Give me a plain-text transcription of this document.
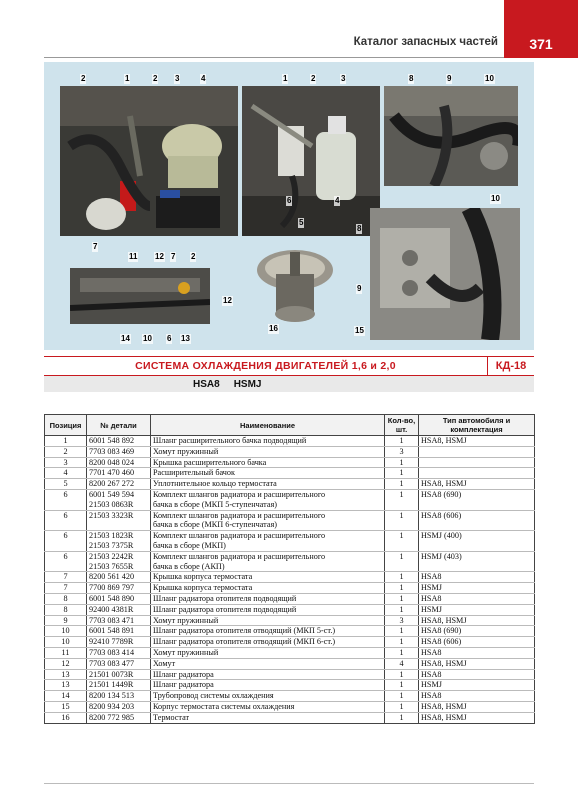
Каталог запасных частей	371
2	1	2 3	4
7
1	2	3
6	4
8	9	10
10
8
9
15
5
16
11 12 7 2
12
14 10 6 13
СИСТЕМА ОХЛАЖДЕНИЯ ДВИГАТЕЛЕЙ 1,6 и 2,0	КД-18
HSA8 HSMJ
Позиция	№ детали	Наименование	Кол-во, шт.	Тип автомобиля и комплектация
1	6001 548 892	Шланг расширительного бачка подводящий	1	HSA8, HSMJ
2	7703 083 469	Хомут пружинный	3	
3	8200 048 024	Крышка расширительного бачка	1	
4	7701 470 460	Расширительный бачок	1	
5	8200 267 272	Уплотнительное кольцо термостата	1	HSA8, HSMJ
6	6001 549 594
21503 0863R	Комплект шлангов радиатора и расширительного
бачка в сборе (МКП 5-ступенчатая)	1	HSA8 (690)
6	21503 3323R	Комплект шлангов радиатора и расширительного
бачка в сборе (МКП 6-ступенчатая)	1	HSA8 (606)
6	21503 1823R
21503 7375R	Комплект шлангов радиатора и расширительного
бачка в сборе (МКП)	1	HSMJ (400)
6	21503 2242R
21503 7655R	Комплект шлангов радиатора и расширительного
бачка в сборе (АКП)	1	HSMJ (403)
7	8200 561 420	Крышка корпуса термостата	1	HSA8
7	7700 869 797	Крышка корпуса термостата	1	HSMJ
8	6001 548 890	Шланг радиатора отопителя подводящий	1	HSA8
8	92400 4381R	Шланг радиатора отопителя подводящий	1	HSMJ
9	7703 083 471	Хомут пружинный	3	HSA8, HSMJ
10	6001 548 891	Шланг радиатора отопителя отводящий (МКП 5-ст.)	1	HSA8 (690)
10	92410 7789R	Шланг радиатора отопителя отводящий (МКП 6-ст.)	1	HSA8 (606)
11	7703 083 414	Хомут пружинный	1	HSA8
12	7703 083 477	Хомут	4	HSA8, HSMJ
13	21501 0073R	Шланг радиатора	1	HSA8
13	21501 1449R	Шланг радиатора	1	HSMJ
14	8200 134 513	Трубопровод системы охлаждения	1	HSA8
15	8200 934 203	Корпус термостата системы охлаждения	1	HSA8, HSMJ
16	8200 772 985	Термостат	1	HSA8, HSMJ
